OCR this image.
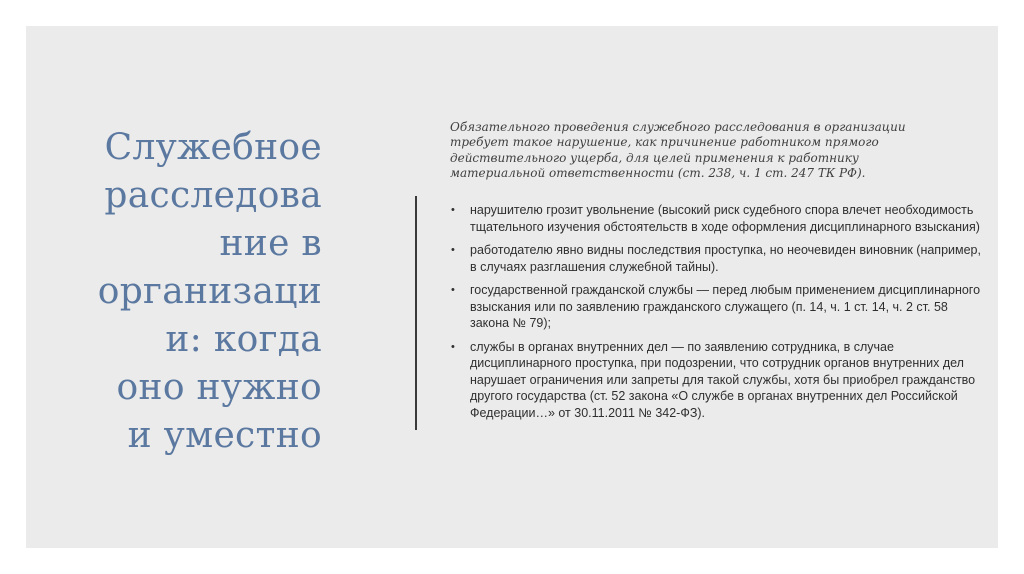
Служебное
расследова
ние в
организаци
и: когда
оно нужно
и уместно

Обязательного проведения служебного расследования в организации требует такое нарушение, как причинение работником прямого действительного ущерба, для целей применения к работнику материальной ответственности (ст. 238, ч. 1 ст. 247 ТК РФ).

• нарушителю грозит увольнение (высокий риск судебного спора влечет необходимость тщательного изучения обстоятельств в ходе оформления дисциплинарного взыскания)
• работодателю явно видны последствия проступка, но неочевиден виновник (например, в случаях разглашения служебной тайны).
• государственной гражданской службы — перед любым применением дисциплинарного взыскания или по заявлению гражданского служащего (п. 14, ч. 1 ст. 14, ч. 2 ст. 58 закона № 79);
• службы в органах внутренних дел — по заявлению сотрудника, в случае дисциплинарного проступка, при подозрении, что сотрудник органов внутренних дел нарушает ограничения или запреты для такой службы, хотя бы приобрел гражданство другого государства (ст. 52 закона «О службе в органах внутренних дел Российской Федерации…» от 30.11.2011 № 342-ФЗ).
